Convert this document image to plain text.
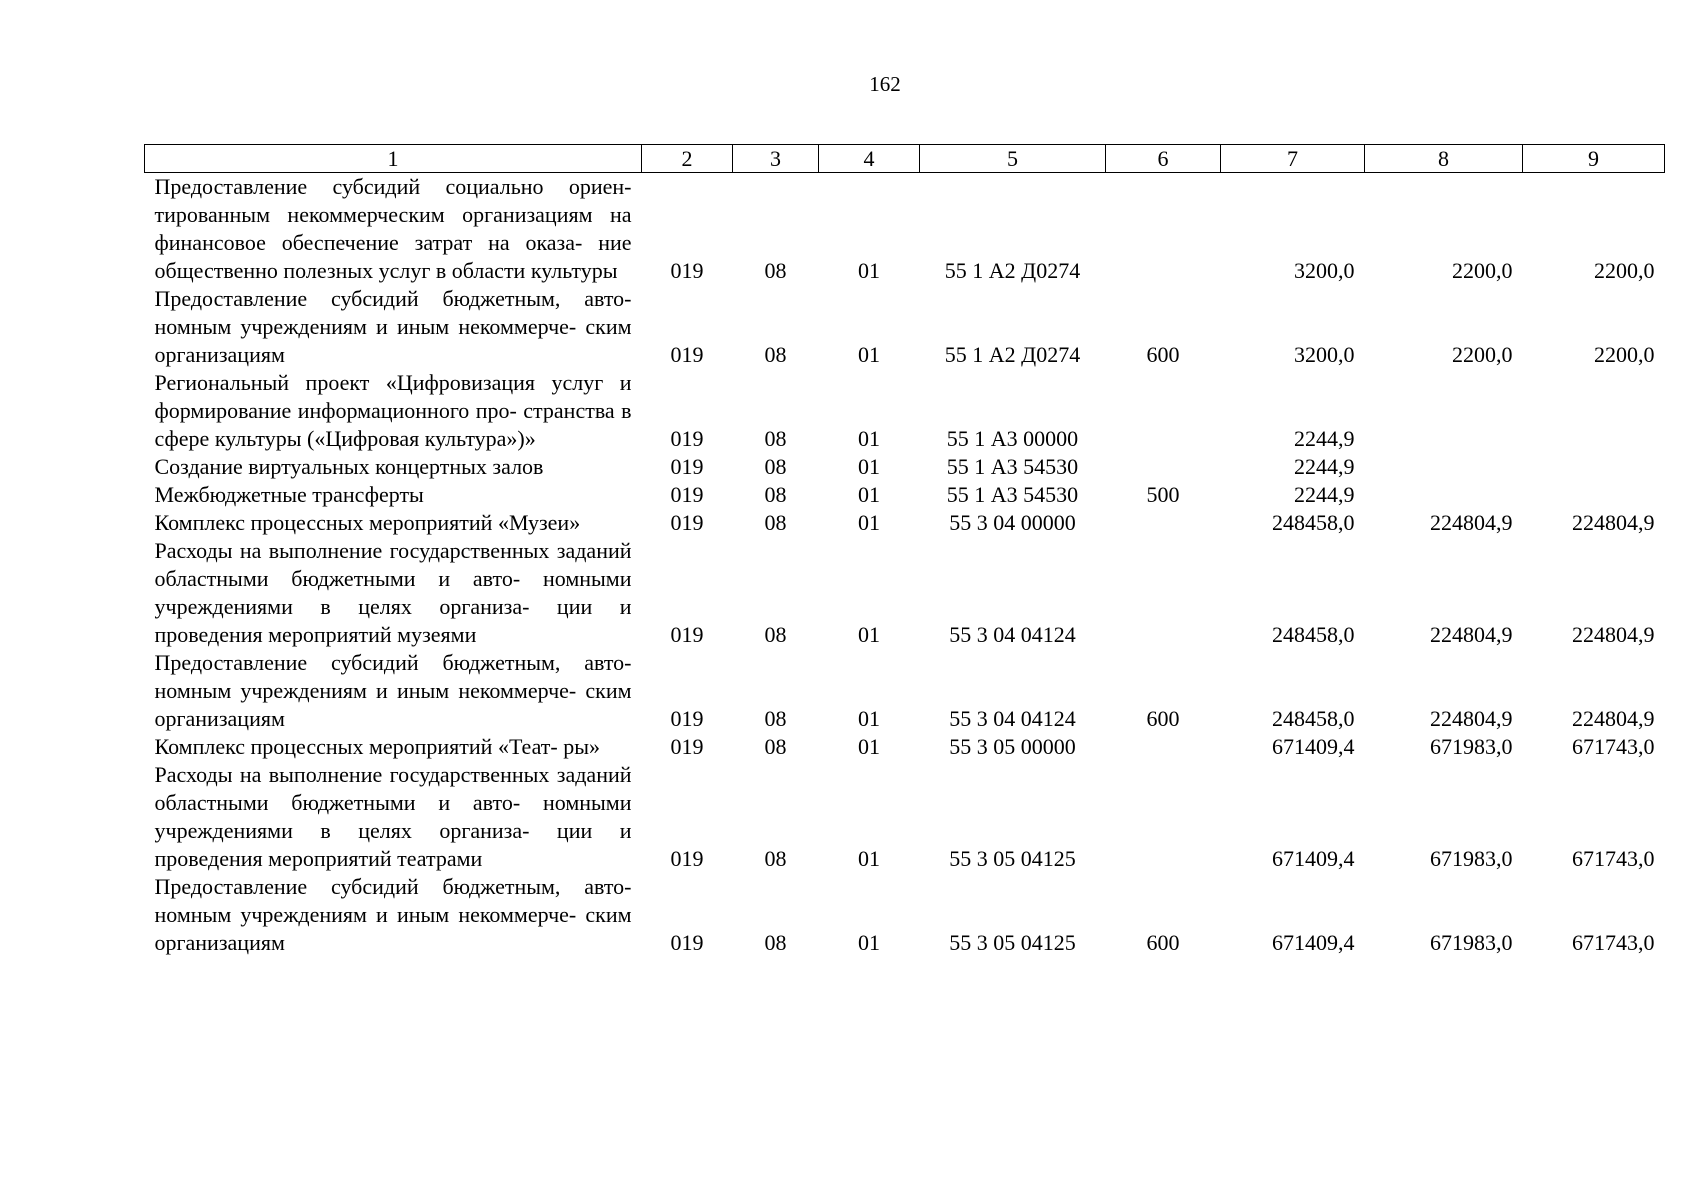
162
1	2	3	4	5	6	7	8	9
Предоставление субсидий социально ориен- тированным некоммерческим организациям на финансовое обеспечение затрат на оказа- ние общественно полезных услуг в области культуры	019	08	01	55 1 А2 Д0274		3200,0	2200,0	2200,0
Предоставление субсидий бюджетным, авто- номным учреждениям и иным некоммерче- ским организациям	019	08	01	55 1 А2 Д0274	600	3200,0	2200,0	2200,0
Региональный проект «Цифровизация услуг и формирование информационного про- странства в сфере культуры («Цифровая культура»)»	019	08	01	55 1 А3 00000		2244,9		
Создание виртуальных концертных залов	019	08	01	55 1 А3 54530		2244,9		
Межбюджетные трансферты	019	08	01	55 1 А3 54530	500	2244,9		
Комплекс процессных мероприятий «Музеи»	019	08	01	55 3 04 00000		248458,0	224804,9	224804,9
Расходы на выполнение государственных заданий областными бюджетными и авто- номными учреждениями в целях организа- ции и проведения мероприятий музеями	019	08	01	55 3 04 04124		248458,0	224804,9	224804,9
Предоставление субсидий бюджетным, авто- номным учреждениям и иным некоммерче- ским организациям	019	08	01	55 3 04 04124	600	248458,0	224804,9	224804,9
Комплекс процессных мероприятий «Теат- ры»	019	08	01	55 3 05 00000		671409,4	671983,0	671743,0
Расходы на выполнение государственных заданий областными бюджетными и авто- номными учреждениями в целях организа- ции и проведения мероприятий театрами	019	08	01	55 3 05 04125		671409,4	671983,0	671743,0
Предоставление субсидий бюджетным, авто- номным учреждениям и иным некоммерче- ским организациям	019	08	01	55 3 05 04125	600	671409,4	671983,0	671743,0
